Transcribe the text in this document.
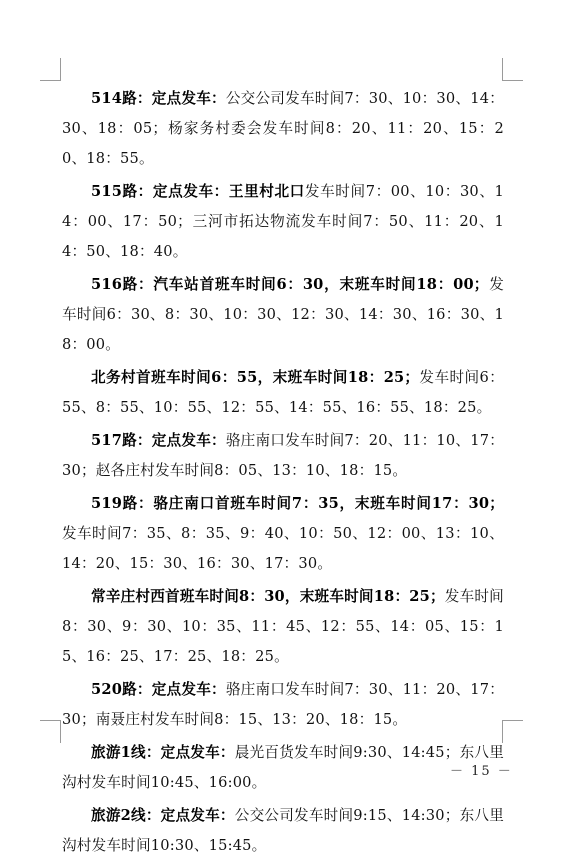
514路：定点发车：公交公司发车时间7：30、10：30、14：30、18：05；杨家务村委会发车时间8：20、11：20、15：20、18：55。

515路：定点发车：王里村北口发车时间7：00、10：30、14：00、17：50；三河市拓达物流发车时间7：50、11：20、14：50、18：40。

516路：汽车站首班车时间6：30，末班车时间18：00；发车时间6：30、8：30、10：30、12：30、14：30、16：30、18：00。

北务村首班车时间6：55，末班车时间18：25；发车时间6：55、8：55、10：55、12：55、14：55、16：55、18：25。

517路：定点发车：骆庄南口发车时间7：20、11：10、17：30；赵各庄村发车时间8：05、13：10、18：15。

519路：骆庄南口首班车时间7：35，末班车时间17：30；发车时间7：35、8：35、9：40、10：50、12：00、13：10、14：20、15：30、16：30、17：30。

常辛庄村西首班车时间8：30，末班车时间18：25；发车时间8：30、9：30、10：35、11：45、12：55、14：05、15：15、16：25、17：25、18：25。

520路：定点发车：骆庄南口发车时间7：30、11：20、17：30；南聂庄村发车时间8：15、13：20、18：15。

旅游1线：定点发车：晨光百货发车时间9:30、14:45；东八里沟村发车时间10:45、16:00。

旅游2线：定点发车：公交公司发车时间9:15、14:30；东八里沟村发车时间10:30、15:45。

－ 15 －
